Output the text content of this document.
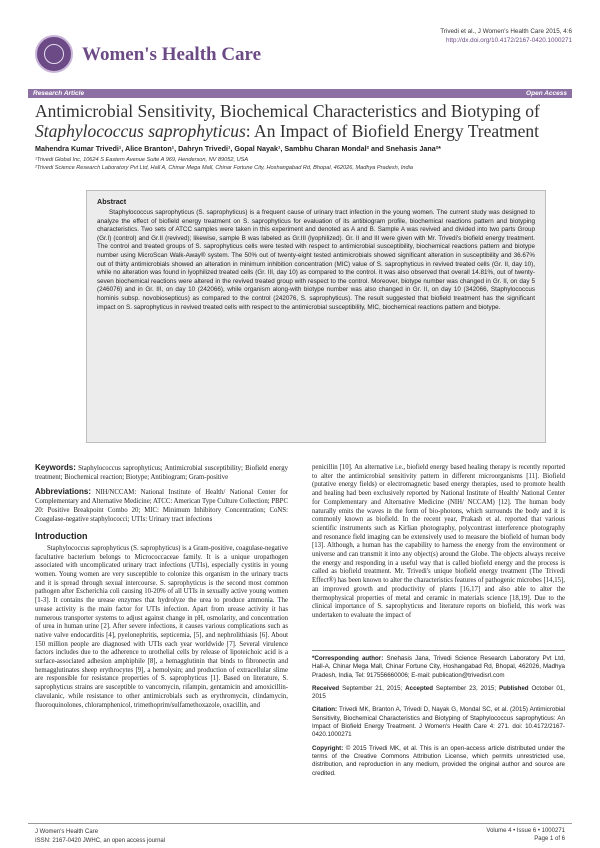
Women's Health Care
Trivedi et al., J Women's Health Care 2015, 4:6
http://dx.doi.org/10.4172/2167-0420.1000271
Research Article	Open Access
Antimicrobial Sensitivity, Biochemical Characteristics and Biotyping of
Staphylococcus saprophyticus: An Impact of Biofield Energy Treatment
Mahendra Kumar Trivedi¹, Alice Branton¹, Dahryn Trivedi¹, Gopal Nayak¹, Sambhu Charan Mondal² and Snehasis Jana²*
¹Trivedi Global Inc, 10624 S Eastern Avenue Suite A 969, Henderson, NV 89052, USA
²Trivedi Science Research Laboratory Pvt Ltd, Hall A, Chinar Mega Mall, Chinar Fortune City, Hoshangabad Rd, Bhopal, 462026, Madhya Pradesh, India
Abstract

Staphylococcus saprophyticus (S. saprophyticus) is a frequent cause of urinary tract infection in the young women. The current study was designed to analyze the effect of biofield energy treatment on S. saprophyticus for evaluation of its antibiogram profile, biochemical reactions pattern and biotyping characteristics. Two sets of ATCC samples were taken in this experiment and denoted as A and B. Sample A was revived and divided into two parts Group (Gr.I) (control) and Gr.II (revived); likewise, sample B was labeled as Gr.III (lyophilized). Gr. II and III were given with Mr. Trivedi's biofield energy treatment. The control and treated groups of S. saprophyticus cells were tested with respect to antimicrobial susceptibility, biochemical reactions pattern and biotype number using MicroScan Walk-Away® system. The 50% out of twenty-eight tested antimicrobials showed significant alteration in susceptibility and 36.67% out of thirty antimicrobials showed an alteration in minimum inhibition concentration (MIC) value of S. saprophyticus in revived treated cells (Gr. II, day 10), while no alteration was found in lyophilized treated cells (Gr. III, day 10) as compared to the control. It was also observed that overall 14.81%, out of twenty-seven biochemical reactions were altered in the revived treated group with respect to the control. Moreover, biotype number was changed in Gr. II, on day 5 (246076) and in Gr. III, on day 10 (242066), while organism along-with biotype number was also changed in Gr. II, on day 10 (342066, Staphylococcus hominis subsp. novobiosepticus) as compared to the control (242076, S. saprophyticus). The result suggested that biofield treatment has the significant impact on S. saprophyticus in revived treated cells with respect to the antimicrobial susceptibility, MIC, biochemical reactions pattern and biotype.

Keywords: Staphylococcus saprophyticus; Antimicrobial susceptibility; Biofield energy treatment; Biochemical reaction; Biotype; Antibiogram; Gram-positive

Abbreviations: NIH/NCCAM: National Institute of Health/ National Center for Complementary and Alternative Medicine; ATCC: American Type Culture Collection; PBPC 20: Positive Breakpoint Combo 20; MIC: Minimum Inhibitory Concentration; CoNS: Coagulase-negative staphylococci; UTIs: Urinary tract infections

Introduction

Staphylococcus saprophyticus (S. saprophyticus) is a Gram-positive, coagulase-negative facultative bacterium belongs to Micrococcaceae family. It is a unique uropathogen associated with uncomplicated urinary tract infections (UTIs), especially cystitis in young women. Young women are very susceptible to colonize this organism in the urinary tracts and it is spread through sexual intercourse. S. saprophyticus is the second most common pathogen after Escherichia coli causing 10-20% of all UTIs in sexually active young women [1-3]. It contains the urease enzymes that hydrolyze the urea to produce ammonia. The urease activity is the main factor for UTIs infection. Apart from urease activity it has numerous transporter systems to adjust against change in pH, osmolarity, and concentration of urea in human urine [2]. After severe infections, it causes various complications such as native valve endocarditis [4], pyelonephritis, septicemia, [5], and nephrolithiasis [6]. About 150 million people are diagnosed with UTIs each year worldwide [7]. Several virulence factors includes due to the adherence to urothelial cells by release of lipoteichoic acid is a surface-associated adhesion amphiphile [8], a hemagglutinin that binds to fibronectin and hemagglutinates sheep erythrocytes [9], a hemolysin; and production of extracellular slime are responsible for resistance properties of S. saprophyticus [1]. Based on literature, S. saprophyticus strains are susceptible to vancomycin, rifampin, gentamicin and amoxicillin-clavulanic, while resistance to other antimicrobials such as erythromycin, clindamycin, fluoroquinolones, chloramphenicol, trimethoprim/sulfamethoxazole, oxacillin, and

penicillin [10]. An alternative i.e., biofield energy based healing therapy is recently reported to alter the antimicrobial sensitivity pattern in different microorganisms [11]. Biofield (putative energy fields) or electromagnetic based energy therapies, used to promote health and healing had been exclusively reported by National Institute of Health/ National Center for Complementary and Alternative Medicine (NIH/ NCCAM) [12]. The human body naturally emits the waves in the form of bio-photons, which surrounds the body and it is commonly known as biofield. In the recent year, Prakash et al. reported that various scientific instruments such as Kirlian photography, polycontrast interference photography and resonance field imaging can be extensively used to measure the biofield of human body [13]. Although, a human has the capability to harness the energy from the environment or universe and can transmit it into any object(s) around the Globe. The objects always receive the energy and responding in a useful way that is called biofield energy and the process is called as biofield treatment. Mr. Trivedi's unique biofield energy treatment (The Trivedi Effect®) has been known to alter the characteristics features of pathogenic microbes [14,15], an improved growth and productivity of plants [16,17] and also able to alter the thermophysical properties of metal and ceramic in materials science [18,19]. Due to the clinical importance of S. saprophyticus and literature reports on biofield, this work was undertaken to evaluate the impact of

*Corresponding author: Snehasis Jana, Trivedi Science Research Laboratory Pvt Ltd, Hall-A, Chinar Mega Mall, Chinar Fortune City, Hoshangabad Rd, Bhopal, 462026, Madhya Pradesh, India, Tel: 917556660006; E-mail: publication@trivedisrl.com

Received September 21, 2015; Accepted September 23, 2015; Published October 01, 2015

Citation: Trivedi MK, Branton A, Trivedi D, Nayak G, Mondal SC, et al. (2015) Antimicrobial Sensitivity, Biochemical Characteristics and Biotyping of Staphylococcus saprophyticus: An Impact of Biofield Energy Treatment. J Women's Health Care 4: 271. doi: 10.4172/2167-0420.1000271

Copyright: © 2015 Trivedi MK, et al. This is an open-access article distributed under the terms of the Creative Commons Attribution License, which permits unrestricted use, distribution, and reproduction in any medium, provided the original author and source are credited.

J Women's Health Care
ISSN: 2167-0420 JWHC, an open access journal
Volume 4 • Issue 6 • 1000271
Page 1 of 6
